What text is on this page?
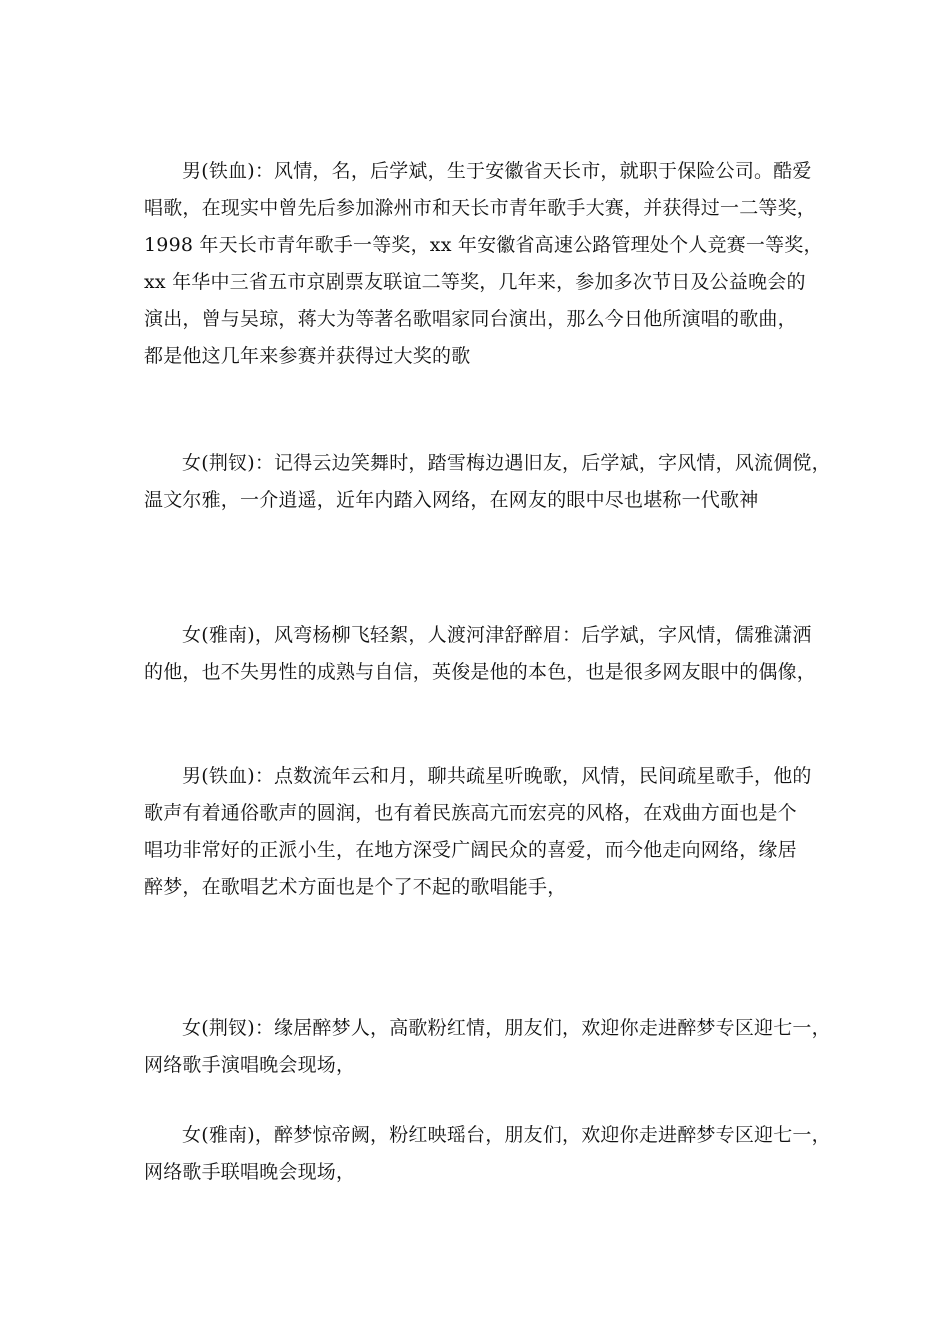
男(铁血)：风情，名，后学斌，生于安徽省天长市，就职于保险公司。酷爱
唱歌，在现实中曾先后参加滁州市和天长市青年歌手大赛，并获得过一二等奖，
1998 年天长市青年歌手一等奖，xx 年安徽省高速公路管理处个人竞赛一等奖，
xx 年华中三省五市京剧票友联谊二等奖，几年来，参加多次节日及公益晚会的
演出，曾与吴琼，蒋大为等著名歌唱家同台演出，那么今日他所演唱的歌曲，
都是他这几年来参赛并获得过大奖的歌
女(荆钗)：记得云边笑舞时，踏雪梅边遇旧友，后学斌，字风情，风流倜傥，
温文尔雅，一介逍遥，近年内踏入网络，在网友的眼中尽也堪称一代歌神
女(雅南)，风弯杨柳飞轻絮，人渡河津舒醉眉：后学斌，字风情，儒雅潇洒
的他，也不失男性的成熟与自信，英俊是他的本色，也是很多网友眼中的偶像，
男(铁血)：点数流年云和月，聊共疏星听晚歌，风情，民间疏星歌手，他的
歌声有着通俗歌声的圆润，也有着民族高亢而宏亮的风格，在戏曲方面也是个
唱功非常好的正派小生，在地方深受广阔民众的喜爱，而今他走向网络，缘居
醉梦，在歌唱艺术方面也是个了不起的歌唱能手，
女(荆钗)：缘居醉梦人，高歌粉红情，朋友们，欢迎你走进醉梦专区迎七一，
网络歌手演唱晚会现场，
女(雅南)，醉梦惊帝阙，粉红映瑶台，朋友们，欢迎你走进醉梦专区迎七一，
网络歌手联唱晚会现场，
